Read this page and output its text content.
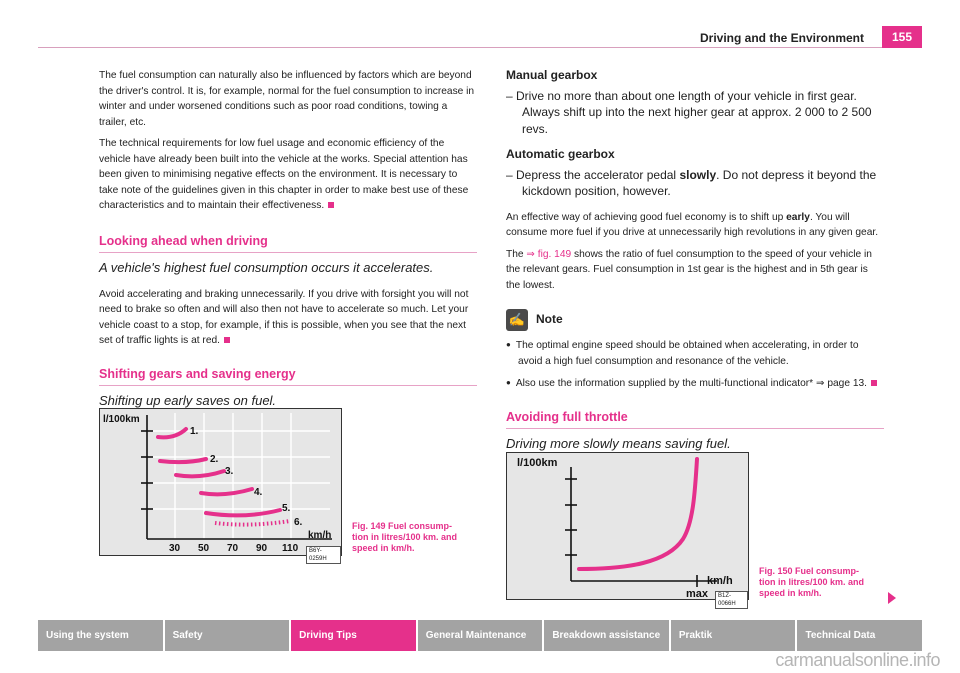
Driving and the Environment	155

The fuel consumption can naturally also be influenced by factors which are beyond the driver's control. It is, for example, normal for the fuel consumption to increase in winter and under worsened conditions such as poor road conditions, towing a trailer, etc.

The technical requirements for low fuel usage and economic efficiency of the vehicle have already been built into the vehicle at the works. Special attention has been given to minimising negative effects on the environment. It is necessary to take note of the guidelines given in this chapter in order to make best use of these characteristics and to maintain their effectiveness.

Looking ahead when driving
A vehicle's highest fuel consumption occurs it accelerates.

Avoid accelerating and braking unnecessarily. If you drive with forsight you will not need to brake so often and will also then not have to accelerate so much. Let your vehicle coast to a stop, for example, if this is possible, when you see that the next set of traffic lights is at red.

Shifting gears and saving energy
Shifting up early saves on fuel.
l/100km
1.
2.
3.
4.
5.
6.
km/h
30 50 70 90 110	B6Y-0259H
Fig. 149 Fuel consump-tion in litres/100 km. and speed in km/h.
Manual gearbox
– Drive no more than about one length of your vehicle in first gear. Always shift up into the next higher gear at approx. 2 000 to 2 500 revs.
Automatic gearbox
– Depress the accelerator pedal slowly. Do not depress it beyond the kickdown position, however.

An effective way of achieving good fuel economy is to shift up early. You will consume more fuel if you drive at unnecessarily high revolutions in any given gear.

The ⇒ fig. 149 shows the ratio of fuel consumption to the speed of your vehicle in the relevant gears. Fuel consumption in 1st gear is the highest and in 5th gear is the lowest.

✍ Note

● The optimal engine speed should be obtained when accelerating, in order to avoid a high fuel consumption and resonance of the vehicle.

● Also use the information supplied by the multi-functional indicator* ⇒ page 13.

Avoiding full throttle
Driving more slowly means saving fuel.
l/100km
km/h
max	B1Z-0066H
Fig. 150 Fuel consump-tion in litres/100 km. and speed in km/h.
Using the system	Safety	Driving Tips	General Maintenance	Breakdown assistance	Praktik	Technical Data
carmanualsonline.info
